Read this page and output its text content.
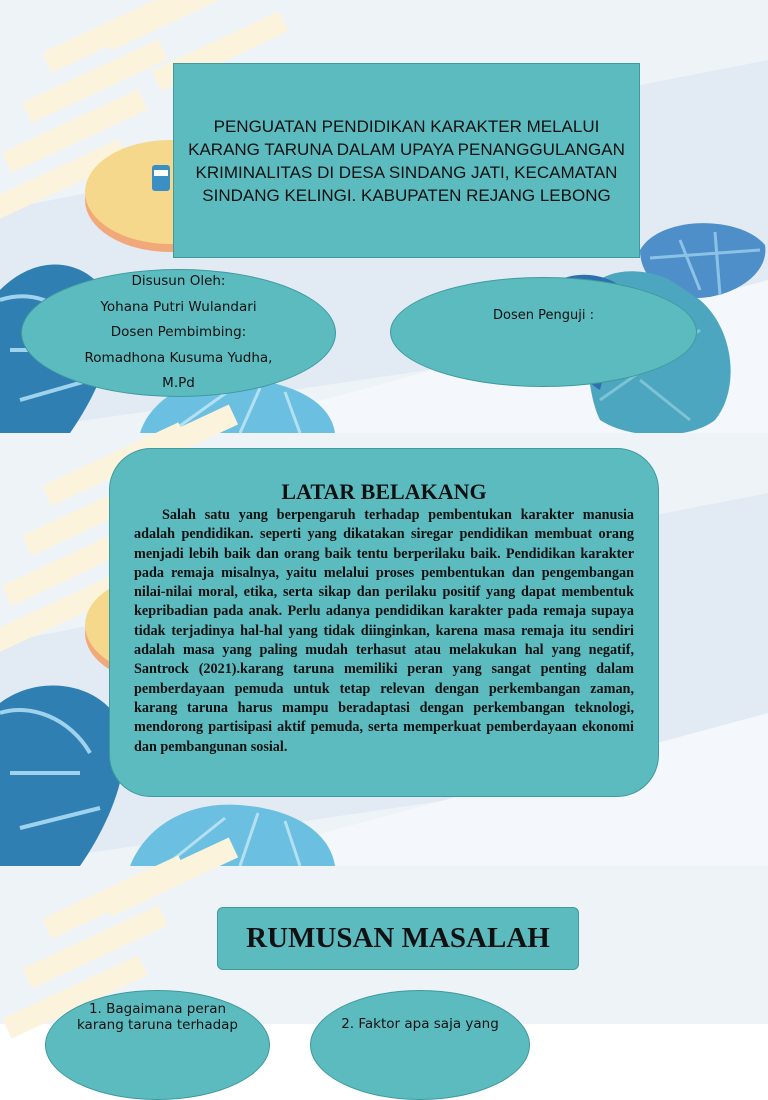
PENGUATAN PENDIDIKAN KARAKTER MELALUI KARANG TARUNA DALAM UPAYA PENANGGULANGAN KRIMINALITAS DI DESA SINDANG JATI, KECAMATAN SINDANG KELINGI. KABUPATEN REJANG LEBONG
Disusun Oleh:
Yohana Putri Wulandari
Dosen Pembimbing:
Romadhona Kusuma Yudha,
M.Pd
Dosen Penguji :
LATAR BELAKANG

Salah satu yang berpengaruh terhadap pembentukan karakter manusia adalah pendidikan. seperti yang dikatakan siregar pendidikan membuat orang menjadi lebih baik dan orang baik tentu berperilaku baik. Pendidikan karakter pada remaja misalnya, yaitu melalui proses pembentukan dan pengembangan nilai-nilai moral, etika, serta sikap dan perilaku positif yang dapat membentuk kepribadian pada anak. Perlu adanya pendidikan karakter pada remaja supaya tidak terjadinya hal-hal yang tidak diinginkan, karena masa remaja itu sendiri adalah masa yang paling mudah terhasut atau melakukan hal yang negatif, Santrock (2021).karang taruna memiliki peran yang sangat penting dalam pemberdayaan pemuda untuk tetap relevan dengan perkembangan zaman, karang taruna harus mampu beradaptasi dengan perkembangan teknologi, mendorong partisipasi aktif pemuda, serta memperkuat pemberdayaan ekonomi dan pembangunan sosial.

RUMUSAN MASALAH
1. Bagaimana peran
karang taruna terhadap	2. Faktor apa saja yang
